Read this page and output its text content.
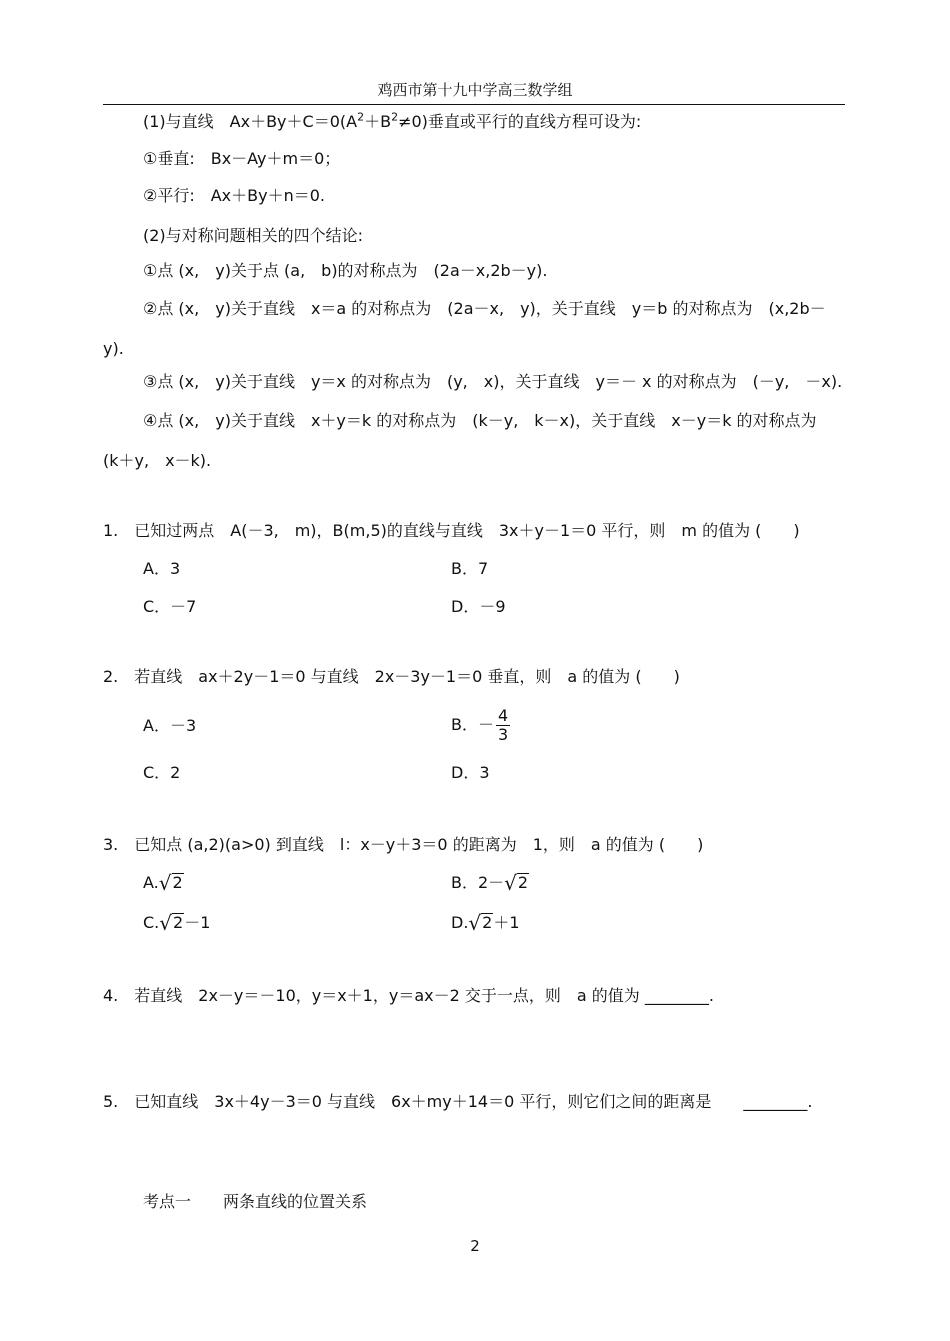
鸡西市第十九中学高三数学组
(1)与直线　$Ax+By+C=0(A^2+B^2\ne 0)$垂直或平行的直线方程可设为:
①垂直:　Bx－Ay＋m＝0；
②平行:　Ax＋By＋n＝0.
(2)与对称问题相关的四个结论:
①点 (x,　y)关于点 (a,　b)的对称点为　(2a－x,2b－y).
②点 (x,　y)关于直线　x＝a 的对称点为　(2a－x,　y)，关于直线　y＝b 的对称点为　(x,2b－
y).
③点 (x,　y)关于直线　y＝x 的对称点为　(y,　x)，关于直线　y＝－ x 的对称点为　(－y,　－x).
④点 (x,　y)关于直线　x＋y＝k 的对称点为　(k－y,　k－x)，关于直线　x－y＝k 的对称点为
(k＋y,　x－k).
1.　已知过两点　A(－3,　m)，B(m,5)的直线与直线　3x＋y－1＝0 平行，则　m 的值为 (　　)
A．3	B．7
C．－7	D．－9
2.　若直线　ax＋2y－1＝0 与直线　2x－3y－1＝0 垂直，则　a 的值为 (　　)
A．－3	B．－ $\frac{4}{3}$
C．2	D．3
3.　已知点 (a,2)(a>0) 到直线　l：x－y＋3＝0 的距离为　1，则　a 的值为 (　　)
A.√2	B．2－√2
C.√2－1	D.√2＋1
4.　若直线　2x－y＝－10，y＝x＋1，y＝ax－2 交于一点，则　a 的值为 ________.
5.　已知直线　3x＋4y－3＝0 与直线　6x＋my＋14＝0 平行，则它们之间的距离是　　________.
考点一　　两条直线的位置关系
2
